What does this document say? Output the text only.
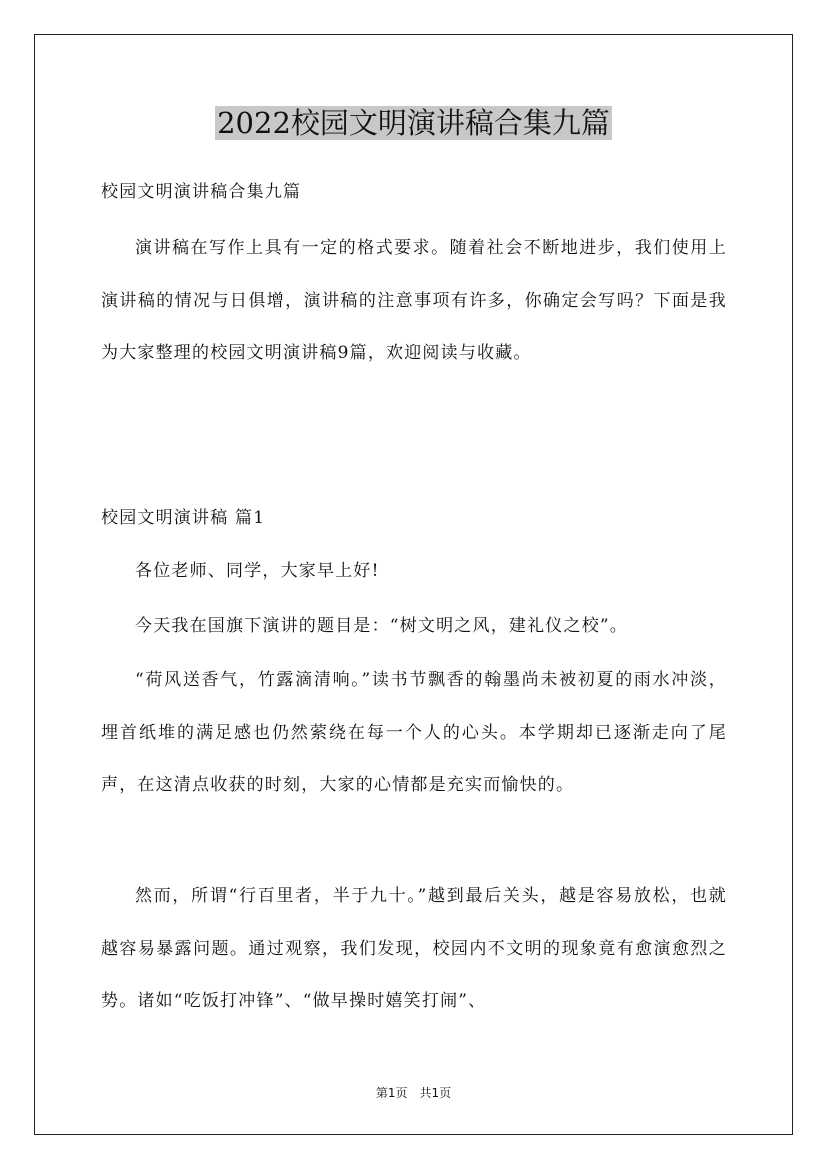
2022校园文明演讲稿合集九篇

校园文明演讲稿合集九篇

演讲稿在写作上具有一定的格式要求。随着社会不断地进步，我们使用上演讲稿的情况与日俱增，演讲稿的注意事项有许多，你确定会写吗？下面是我为大家整理的校园文明演讲稿9篇，欢迎阅读与收藏。

校园文明演讲稿 篇1

各位老师、同学，大家早上好!

今天我在国旗下演讲的题目是：“树文明之风，建礼仪之校”。

“荷风送香气，竹露滴清响。”读书节飘香的翰墨尚未被初夏的雨水冲淡，埋首纸堆的满足感也仍然萦绕在每一个人的心头。本学期却已逐渐走向了尾声，在这清点收获的时刻，大家的心情都是充实而愉快的。

然而，所谓“行百里者，半于九十。”越到最后关头，越是容易放松，也就越容易暴露问题。通过观察，我们发现，校园内不文明的现象竟有愈演愈烈之势。诸如“吃饭打冲锋”、“做早操时嬉笑打闹”、

第1页　共1页
